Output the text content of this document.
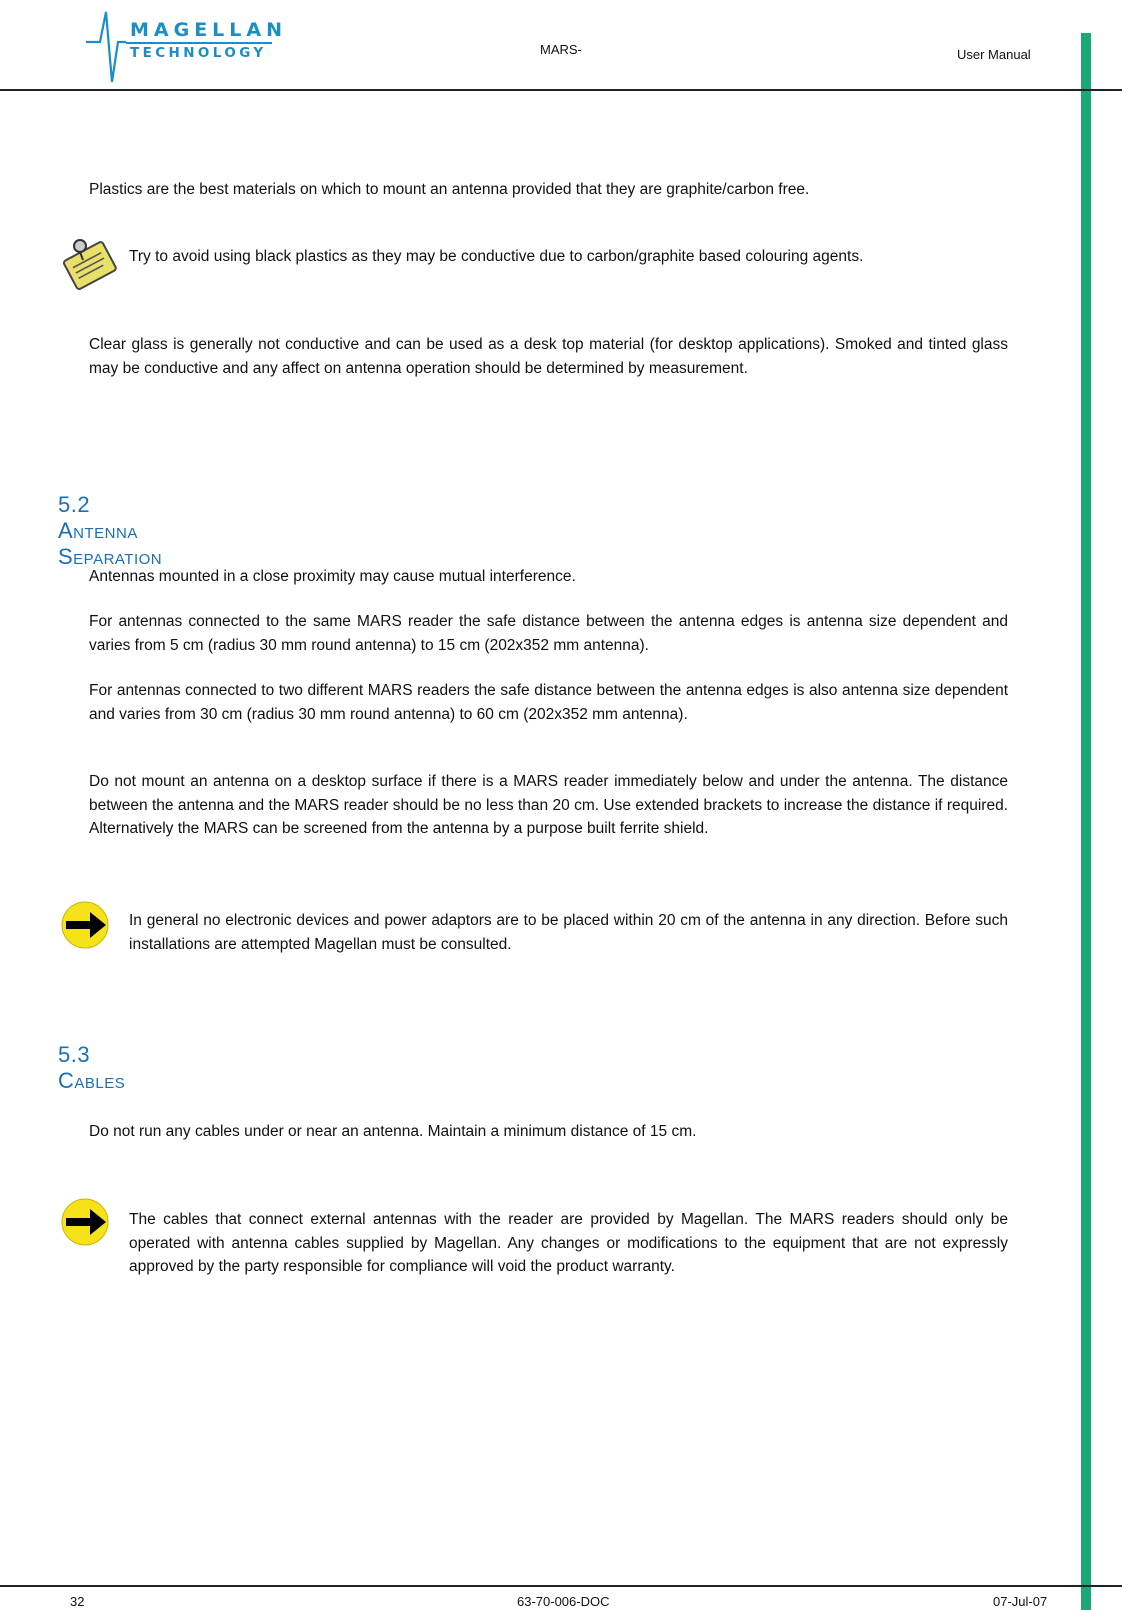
MAGELLAN
TECHNOLOGY	MARS-	User Manual
Plastics are the best materials on which to mount an antenna provided that they are graphite/carbon free.
Try to avoid using black plastics as they may be conductive due to carbon/graphite based colouring agents.
Clear glass is generally not conductive and can be used as a desk top material (for desktop applications). Smoked and tinted glass may be conductive and any affect on antenna operation should be determined by measurement.
5.2Antenna Separation
Antennas mounted in a close proximity may cause mutual interference.
For antennas connected to the same MARS reader the safe distance between the antenna edges is antenna size dependent and varies from 5 cm (radius 30 mm round antenna) to 15 cm (202x352 mm antenna).
For antennas connected to two different MARS readers the safe distance between the antenna edges is also antenna size dependent and varies from 30 cm (radius 30 mm round antenna) to 60 cm (202x352 mm antenna).
Do not mount an antenna on a desktop surface if there is a MARS reader immediately below and under the antenna. The distance between the antenna and the MARS reader should be no less than 20 cm. Use extended brackets to increase the distance if required. Alternatively the MARS can be screened from the antenna by a purpose built ferrite shield.
In general no electronic devices and power adaptors are to be placed within 20 cm of the antenna in any direction. Before such installations are attempted Magellan must be consulted.
5.3Cables
Do not run any cables under or near an antenna. Maintain a minimum distance of 15 cm.
The cables that connect external antennas with the reader are provided by Magellan. The MARS readers should only be operated with antenna cables supplied by Magellan. Any changes or modifications to the equipment that are not expressly approved by the party responsible for compliance will void the product warranty.
32	63-70-006-DOC	07-Jul-07
